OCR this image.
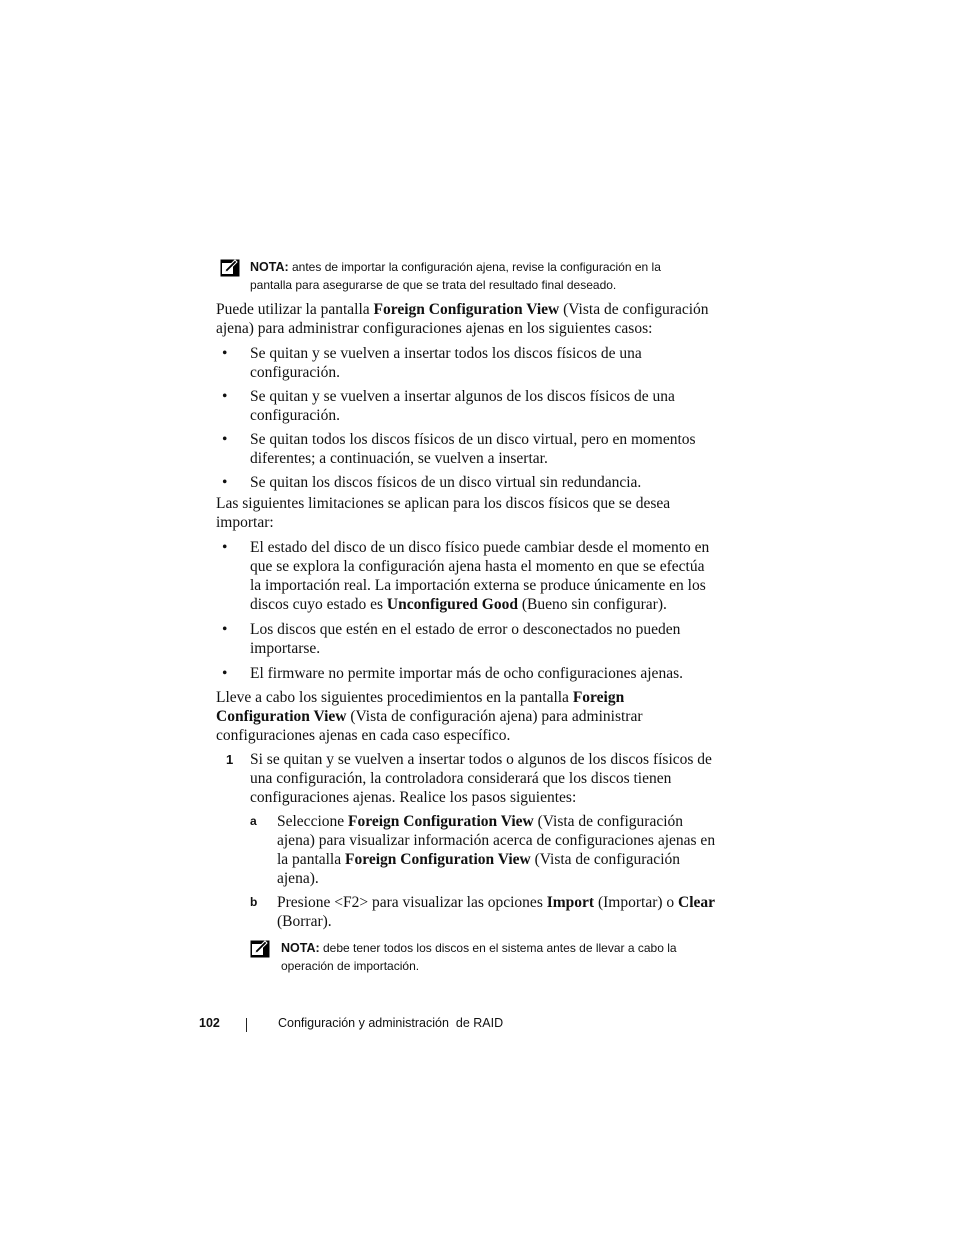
NOTA: antes de importar la configuración ajena, revise la configuración en la
pantalla para asegurarse de que se trata del resultado final deseado.

Puede utilizar la pantalla Foreign Configuration View (Vista de configuración ajena) para administrar configuraciones ajenas en los siguientes casos:

• Se quitan y se vuelven a insertar todos los discos físicos de una configuración.
• Se quitan y se vuelven a insertar algunos de los discos físicos de una configuración.
• Se quitan todos los discos físicos de un disco virtual, pero en momentos diferentes; a continuación, se vuelven a insertar.
• Se quitan los discos físicos de un disco virtual sin redundancia.

Las siguientes limitaciones se aplican para los discos físicos que se desea importar:

• El estado del disco de un disco físico puede cambiar desde el momento en que se explora la configuración ajena hasta el momento en que se efectúa la importación real. La importación externa se produce únicamente en los discos cuyo estado es Unconfigured Good (Bueno sin configurar).
• Los discos que estén en el estado de error o desconectados no pueden importarse.
• El firmware no permite importar más de ocho configuraciones ajenas.

Lleve a cabo los siguientes procedimientos en la pantalla Foreign Configuration View (Vista de configuración ajena) para administrar configuraciones ajenas en cada caso específico.

1	Si se quitan y se vuelven a insertar todos o algunos de los discos físicos de una configuración, la controladora considerará que los discos tienen configuraciones ajenas. Realice los pasos siguientes:
a	Seleccione Foreign Configuration View (Vista de configuración ajena) para visualizar información acerca de configuraciones ajenas en la pantalla Foreign Configuration View (Vista de configuración ajena).
b	Presione <F2> para visualizar las opciones Import (Importar) o Clear (Borrar).
NOTA: debe tener todos los discos en el sistema antes de llevar a cabo la
operación de importación.
102	Configuración y administración  de RAID
